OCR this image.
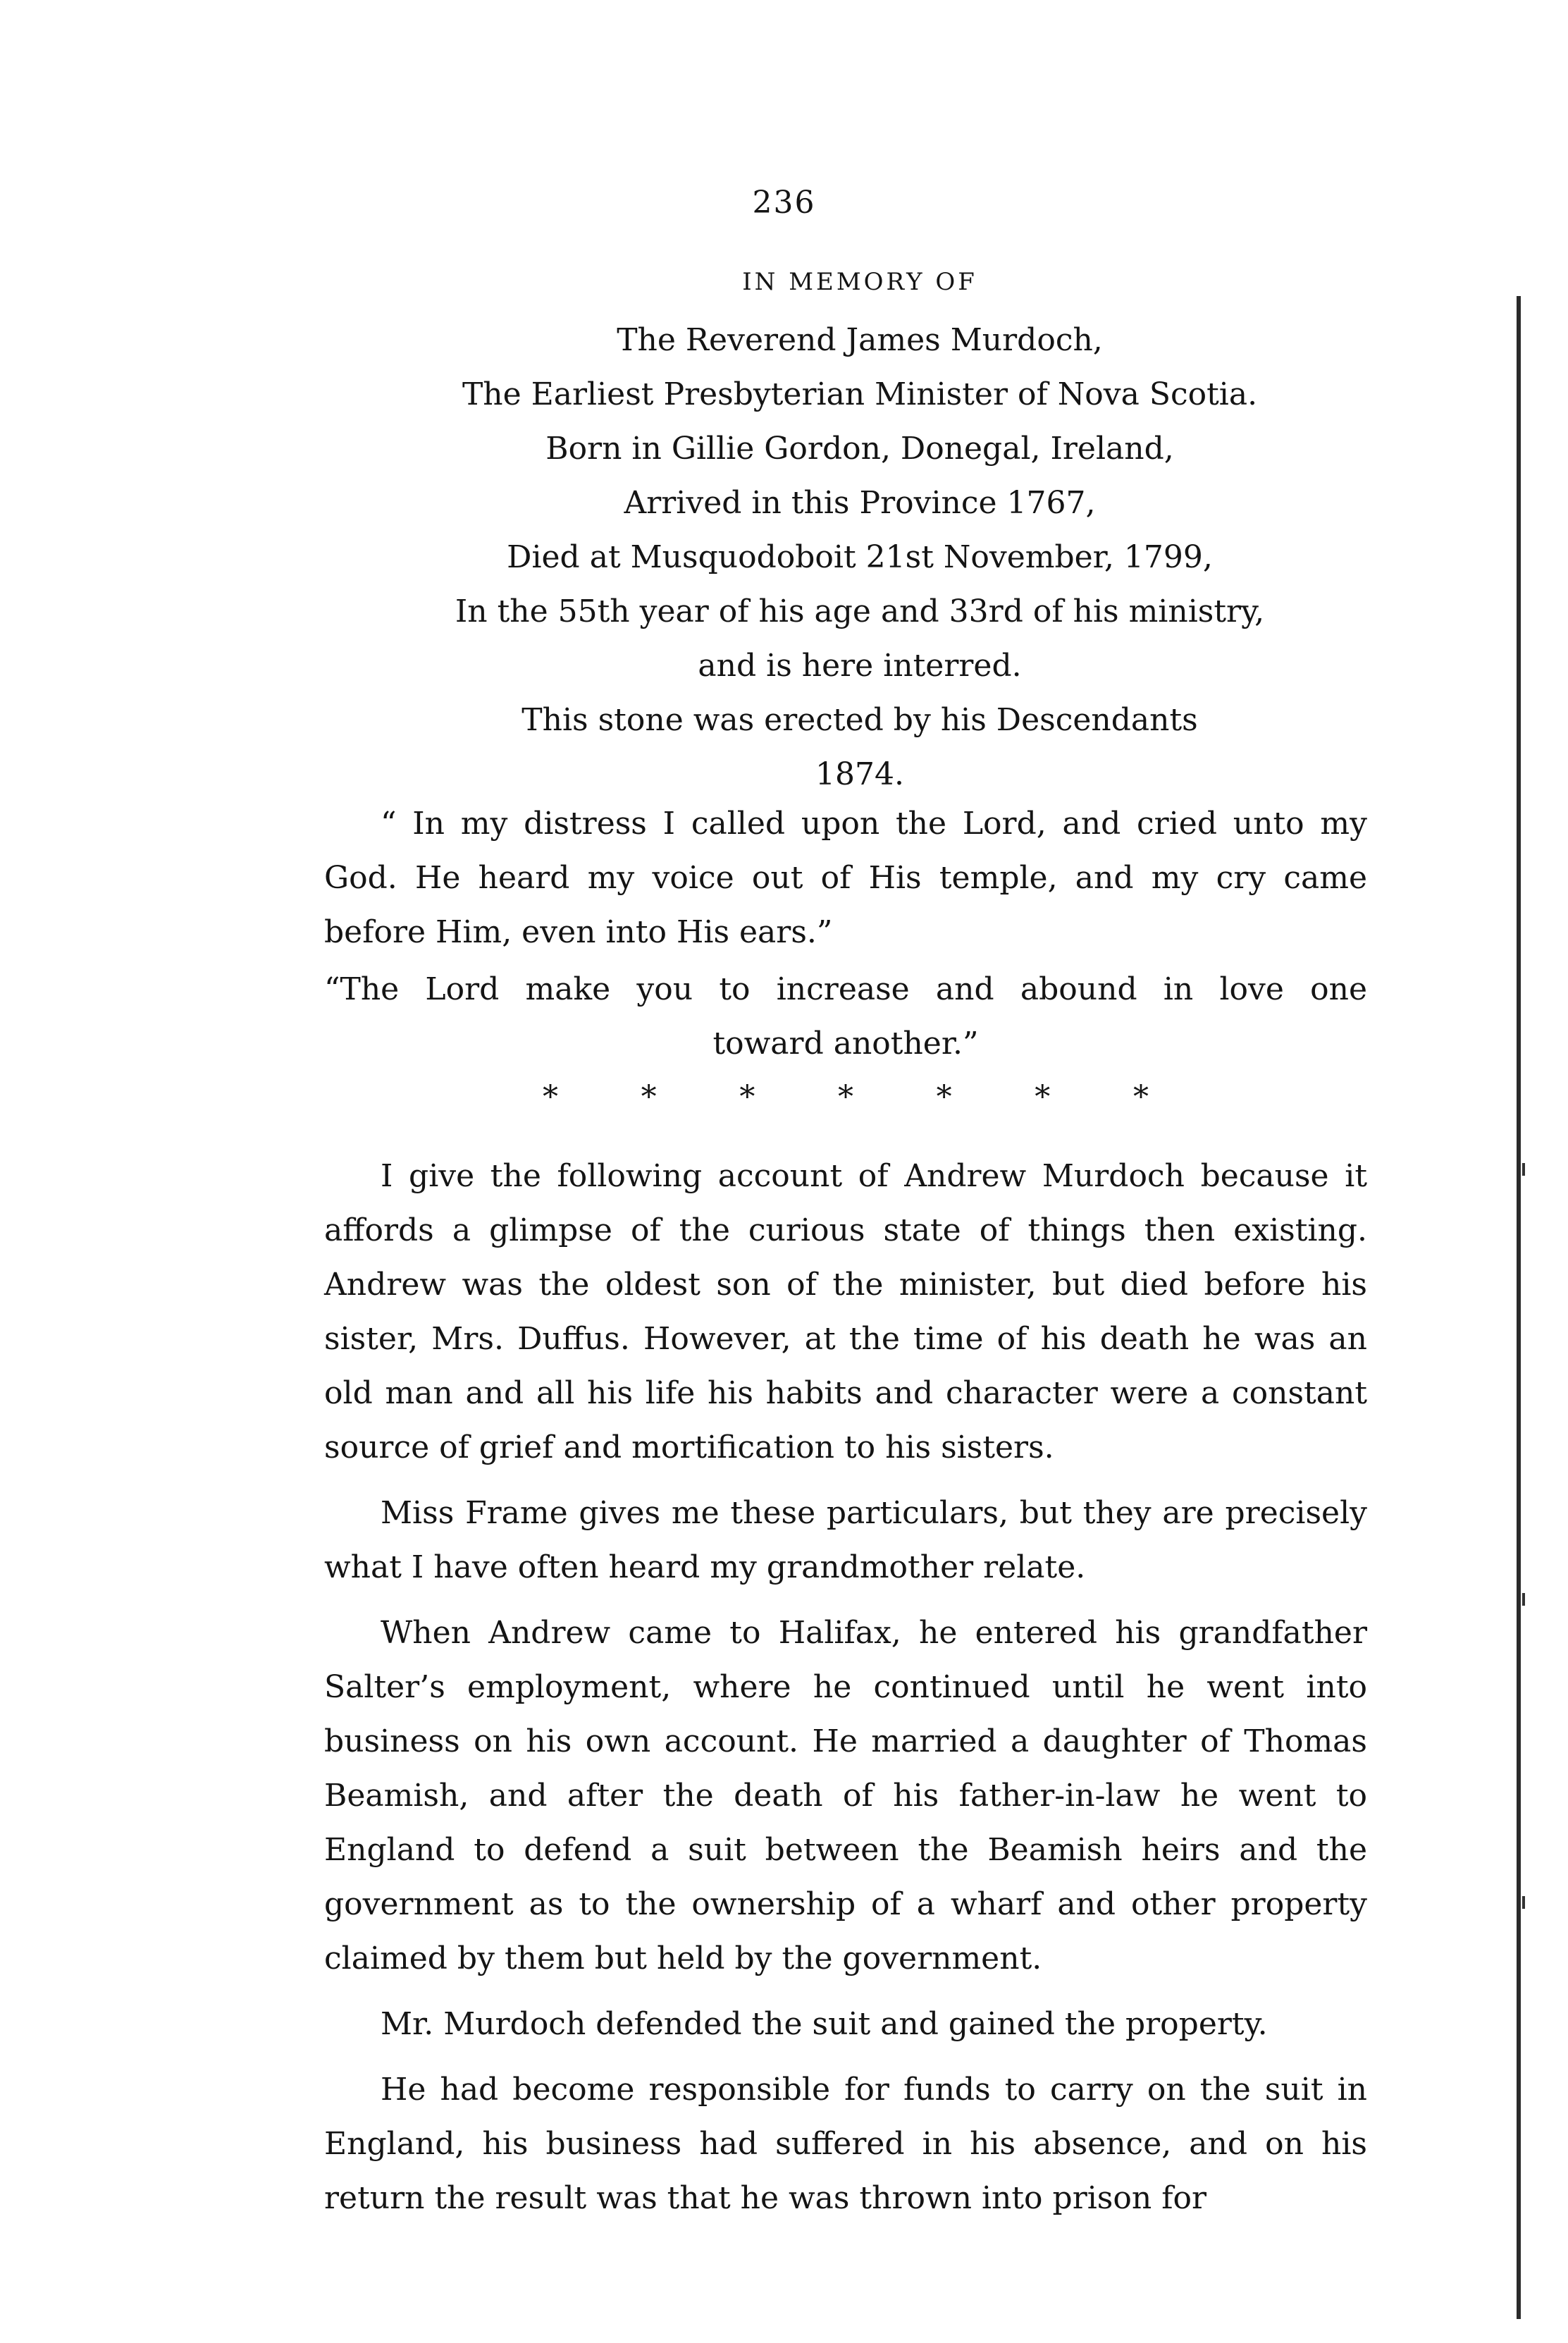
236
IN MEMORY OF

The Reverend James Murdoch,

The Earliest Presbyterian Minister of Nova Scotia.

Born in Gillie Gordon, Donegal, Ireland,

Arrived in this Province 1767,

Died at Musquodoboit 21st November, 1799,

In the 55th year of his age and 33rd of his ministry,

and is here interred.

This stone was erected by his Descendants

1874.

“ In my distress I called upon the Lord, and cried unto my God. He heard my voice out of His temple, and my cry came before Him, even into His ears.”

“The Lord make you to increase and abound in love one

toward another.”

*	*	*	*	*	*	*

I give the following account of Andrew Murdoch because it affords a glimpse of the curious state of things then existing. Andrew was the oldest son of the minister, but died before his sister, Mrs. Duffus. However, at the time of his death he was an old man and all his life his habits and character were a constant source of grief and mortification to his sisters.

Miss Frame gives me these particulars, but they are precisely what I have often heard my grandmother relate.

When Andrew came to Halifax, he entered his grandfather Salter’s employment, where he continued until he went into business on his own account. He married a daughter of Thomas Beamish, and after the death of his father-in-law he went to England to defend a suit between the Beamish heirs and the government as to the ownership of a wharf and other property claimed by them but held by the government.

Mr. Murdoch defended the suit and gained the property.

He had become responsible for funds to carry on the suit in England, his business had suffered in his absence, and on his return the result was that he was thrown into prison for
